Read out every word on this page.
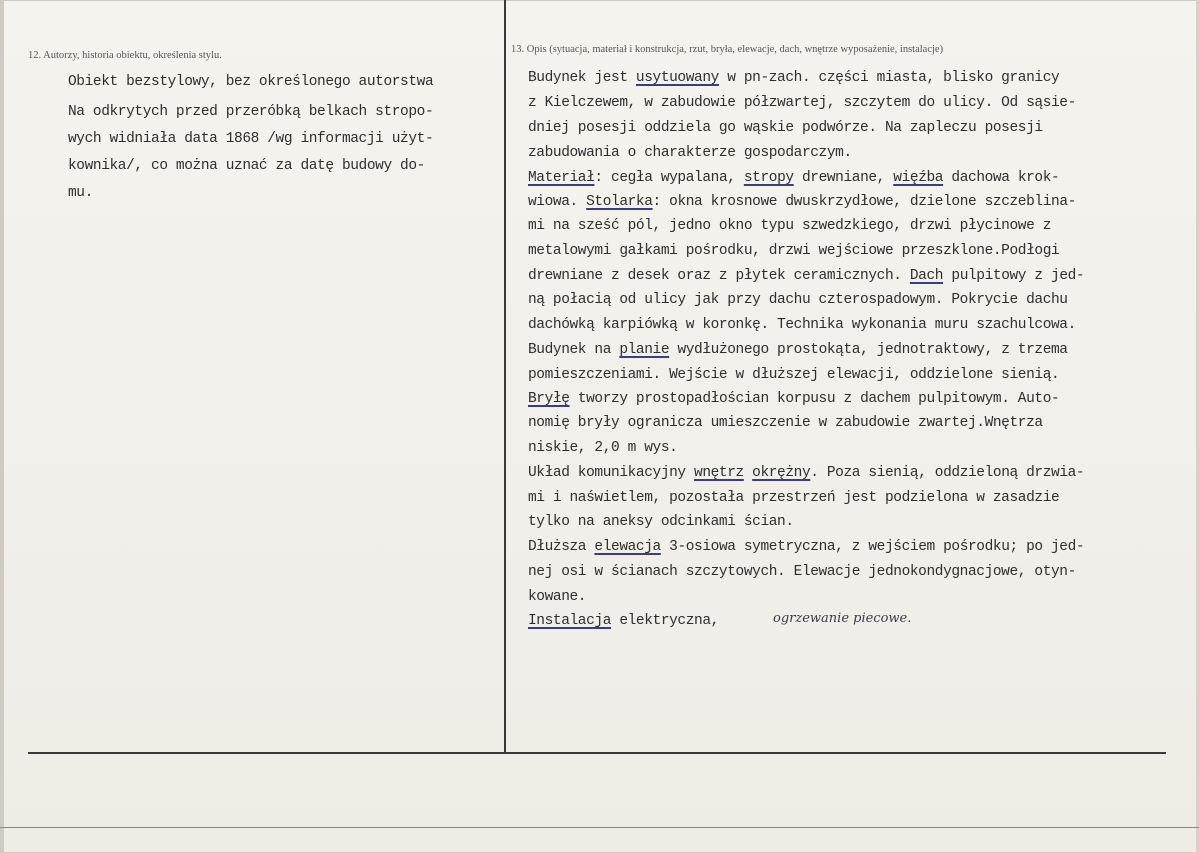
12. Autorzy, historia obiektu, określenia stylu.
13. Opis (sytuacja, materiał i konstrukcja, rzut, bryła, elewacje, dach, wnętrze wyposażenie, instalacje)
Obiekt bezstylowy, bez określonego autorstwa
Na odkrytych przed przeróbką belkach stropo-
wych widniała data 1868 /wg informacji użyt-
kownika/, co można uznać za datę budowy do-
mu.
Budynek jest usytuowany w pn-zach. części miasta, blisko granicy
z Kielczewem, w zabudowie półzwartej, szczytem do ulicy. Od sąsie-
dniej posesji oddziela go wąskie podwórze. Na zapleczu posesji
zabudowania o charakterze gospodarczym.
Materiał: cegła wypalana, stropy drewniane, więźba dachowa krok-
wiowa. Stolarka: okna krosnowe dwuskrzydłowe, dzielone szczeblina-
mi na sześć pól, jedno okno typu szwedzkiego, drzwi płycinowe z
metalowymi gałkami pośrodku, drzwi wejściowe przeszklone.Podłogi
drewniane z desek oraz z płytek ceramicznych. Dach pulpitowy z jed-
ną połacią od ulicy jak przy dachu czterospadowym. Pokrycie dachu
dachówką karpiówką w koronkę. Technika wykonania muru szachulcowa.
Budynek na planie wydłużonego prostokąta, jednotraktowy, z trzema
pomieszczeniami. Wejście w dłuższej elewacji, oddzielone sienią.
Bryłę tworzy prostopadłościan korpusu z dachem pulpitowym. Auto-
nomię bryły ogranicza umieszczenie w zabudowie zwartej.Wnętrza
niskie, 2,0 m wys.
Układ komunikacyjny wnętrz okrężny. Poza sienią, oddzieloną drzwia-
mi i naświetlem, pozostała przestrzeń jest podzielona w zasadzie
tylko na aneksy odcinkami ścian.
Dłuższa elewacja 3-osiowa symetryczna, z wejściem pośrodku; po jed-
nej osi w ścianach szczytowych. Elewacje jednokondygnacjowe, otyn-
kowane.
Instalacja elektryczna,	ogrzewanie piecowe.
